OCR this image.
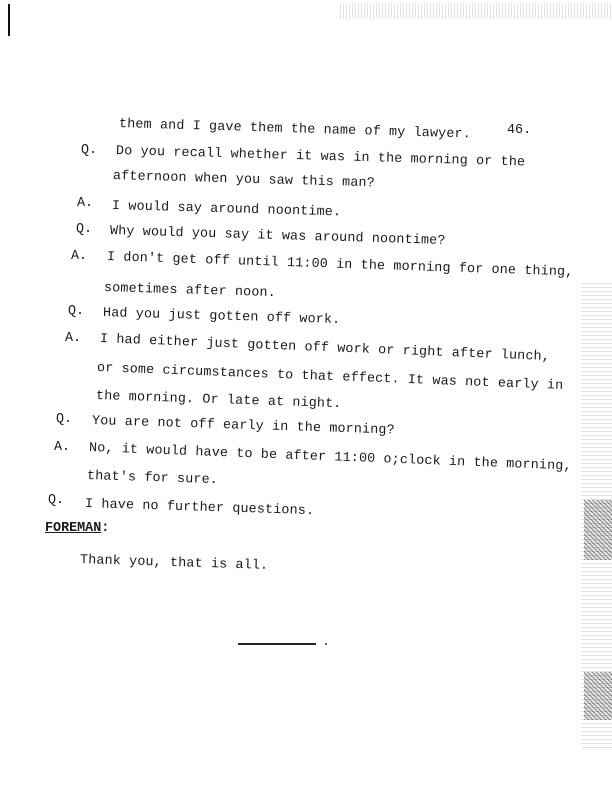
46.
them and I gave them the name of my lawyer.
Q. Do you recall whether it was in the morning or the
afternoon when you saw this man?
A. I would say around noontime.
Q. Why would you say it was around noontime?
A. I don't get off until 11:00 in the morning for one thing,
sometimes after noon.
Q. Had you just gotten off work.
A. I had either just gotten off work or right after lunch,
or some circumstances to that effect. It was not early in
the morning. Or late at night.
Q. You are not off early in the morning?
A. No, it would have to be after 11:00 o;clock in the morning,
that's for sure.
Q. I have no further questions.
FOREMAN:
Thank you, that is all.
